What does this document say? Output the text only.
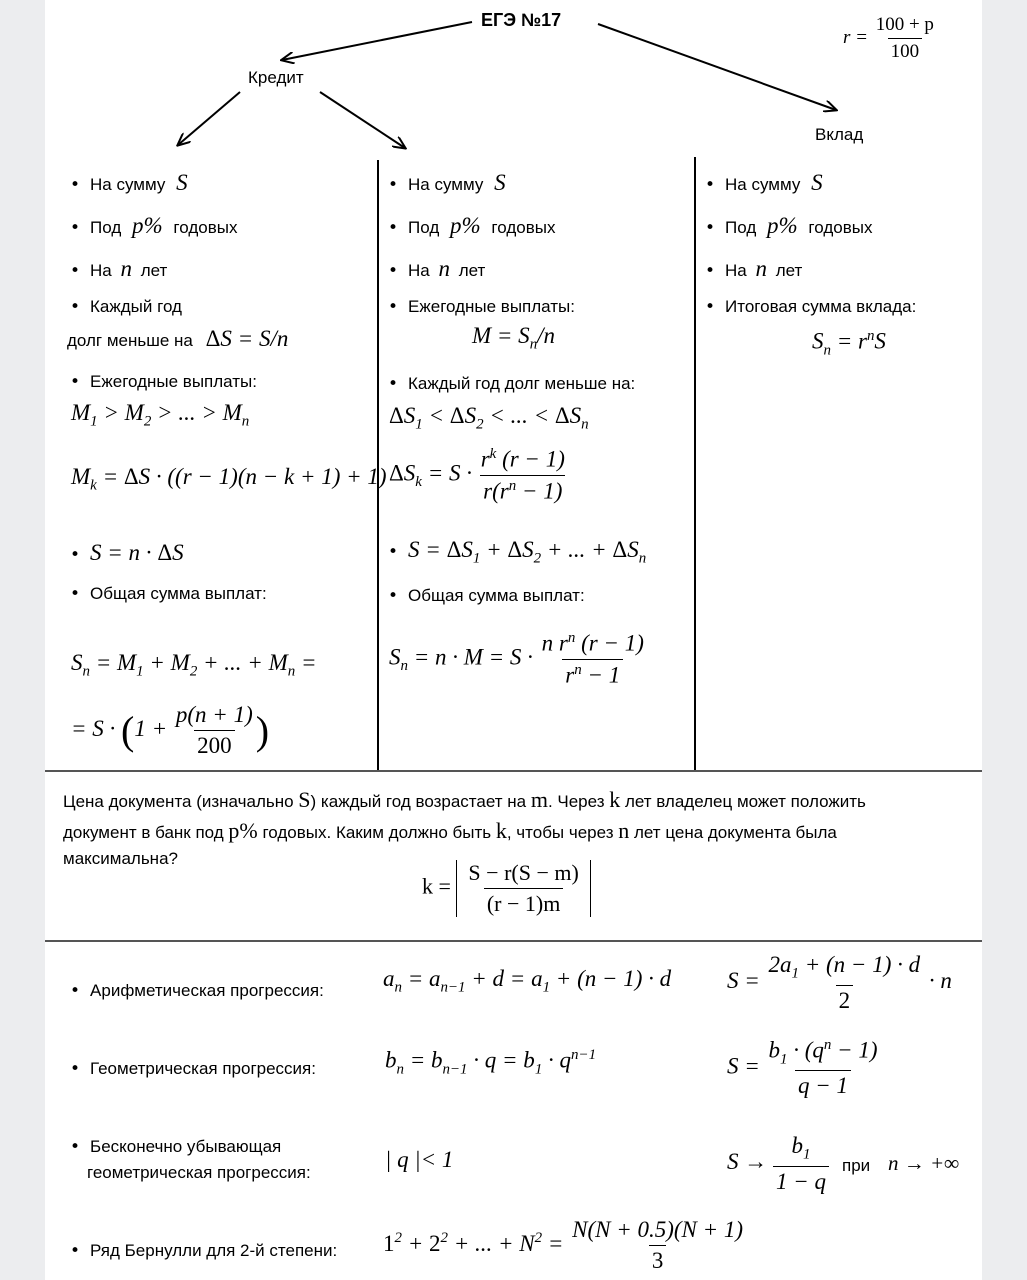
ЕГЭ №17
$r = \frac{100 + p}{100}$
Кредит
Вклад
• На сумму S
• Под p% годовых
• На n лет
• Каждый год
долг меньше на ΔS = S/n
• Ежегодные выплаты:
$M_1 > M_2$ > ... > $M_n$
$M_k = \Delta S \cdot ((r - 1)(n - k + 1) + 1)$
• S = n · ΔS
• Общая сумма выплат:
$S_n = M_1 + M_2$ + ... + $M_n$ =
= $S \cdot (1 + \frac{p(n + 1)}{200}$ )
• На сумму S
• Под p% годовых
• На n лет
• Ежегодные выплаты:
$M = S_n/n$
• Каждый год долг меньше на:
$\Delta S_1 < \Delta S_2$ < ... < $\Delta S_n$
$\Delta S_k = S \cdot \frac{r^k (r - 1)}{r(r^n - 1)}$
• $S = \Delta S_1 + \Delta S_2$ + ... + $\Delta S_n$
• Общая сумма выплат:
$S_n = n \cdot M = S \cdot \frac{n r^n (r - 1)}{r^n - 1}$
• На сумму S
• Под p% годовых
• На n лет
• Итоговая сумма вклада:
$S_n = r^nS$
Цена документа (изначально S) каждый год возрастает на m. Через k лет владелец может положить
документ в банк под p% годовых. Каким должно быть k, чтобы через n лет цена документа была
максимальна?
$k = \frac{S - r(S - m)}{(r - 1)m}$
• Арифметическая прогрессия:	$a_n = a_{n-1} + d = a_1 + (n - 1) \cdot d$ $S = \frac{2a_1 + (n - 1) \cdot d}{2} \cdot n$
• Геометрическая прогрессия:	$b_n = b_{n-1} \cdot q = b_1 \cdot q^{n-1}$	$S = \frac{b_1 \cdot (q^n - 1)}{q - 1}$
• Бесконечно убывающая
геометрическая прогрессия:
| q |< 1	$S \to \frac{b_1}{1 - q}$ при n → +∞
• Ряд Бернулли для 2-й степени: $1^2 + 2^2$ + ... + $N^2 = \frac{N(N + 0.5)(N + 1)}{3}$
